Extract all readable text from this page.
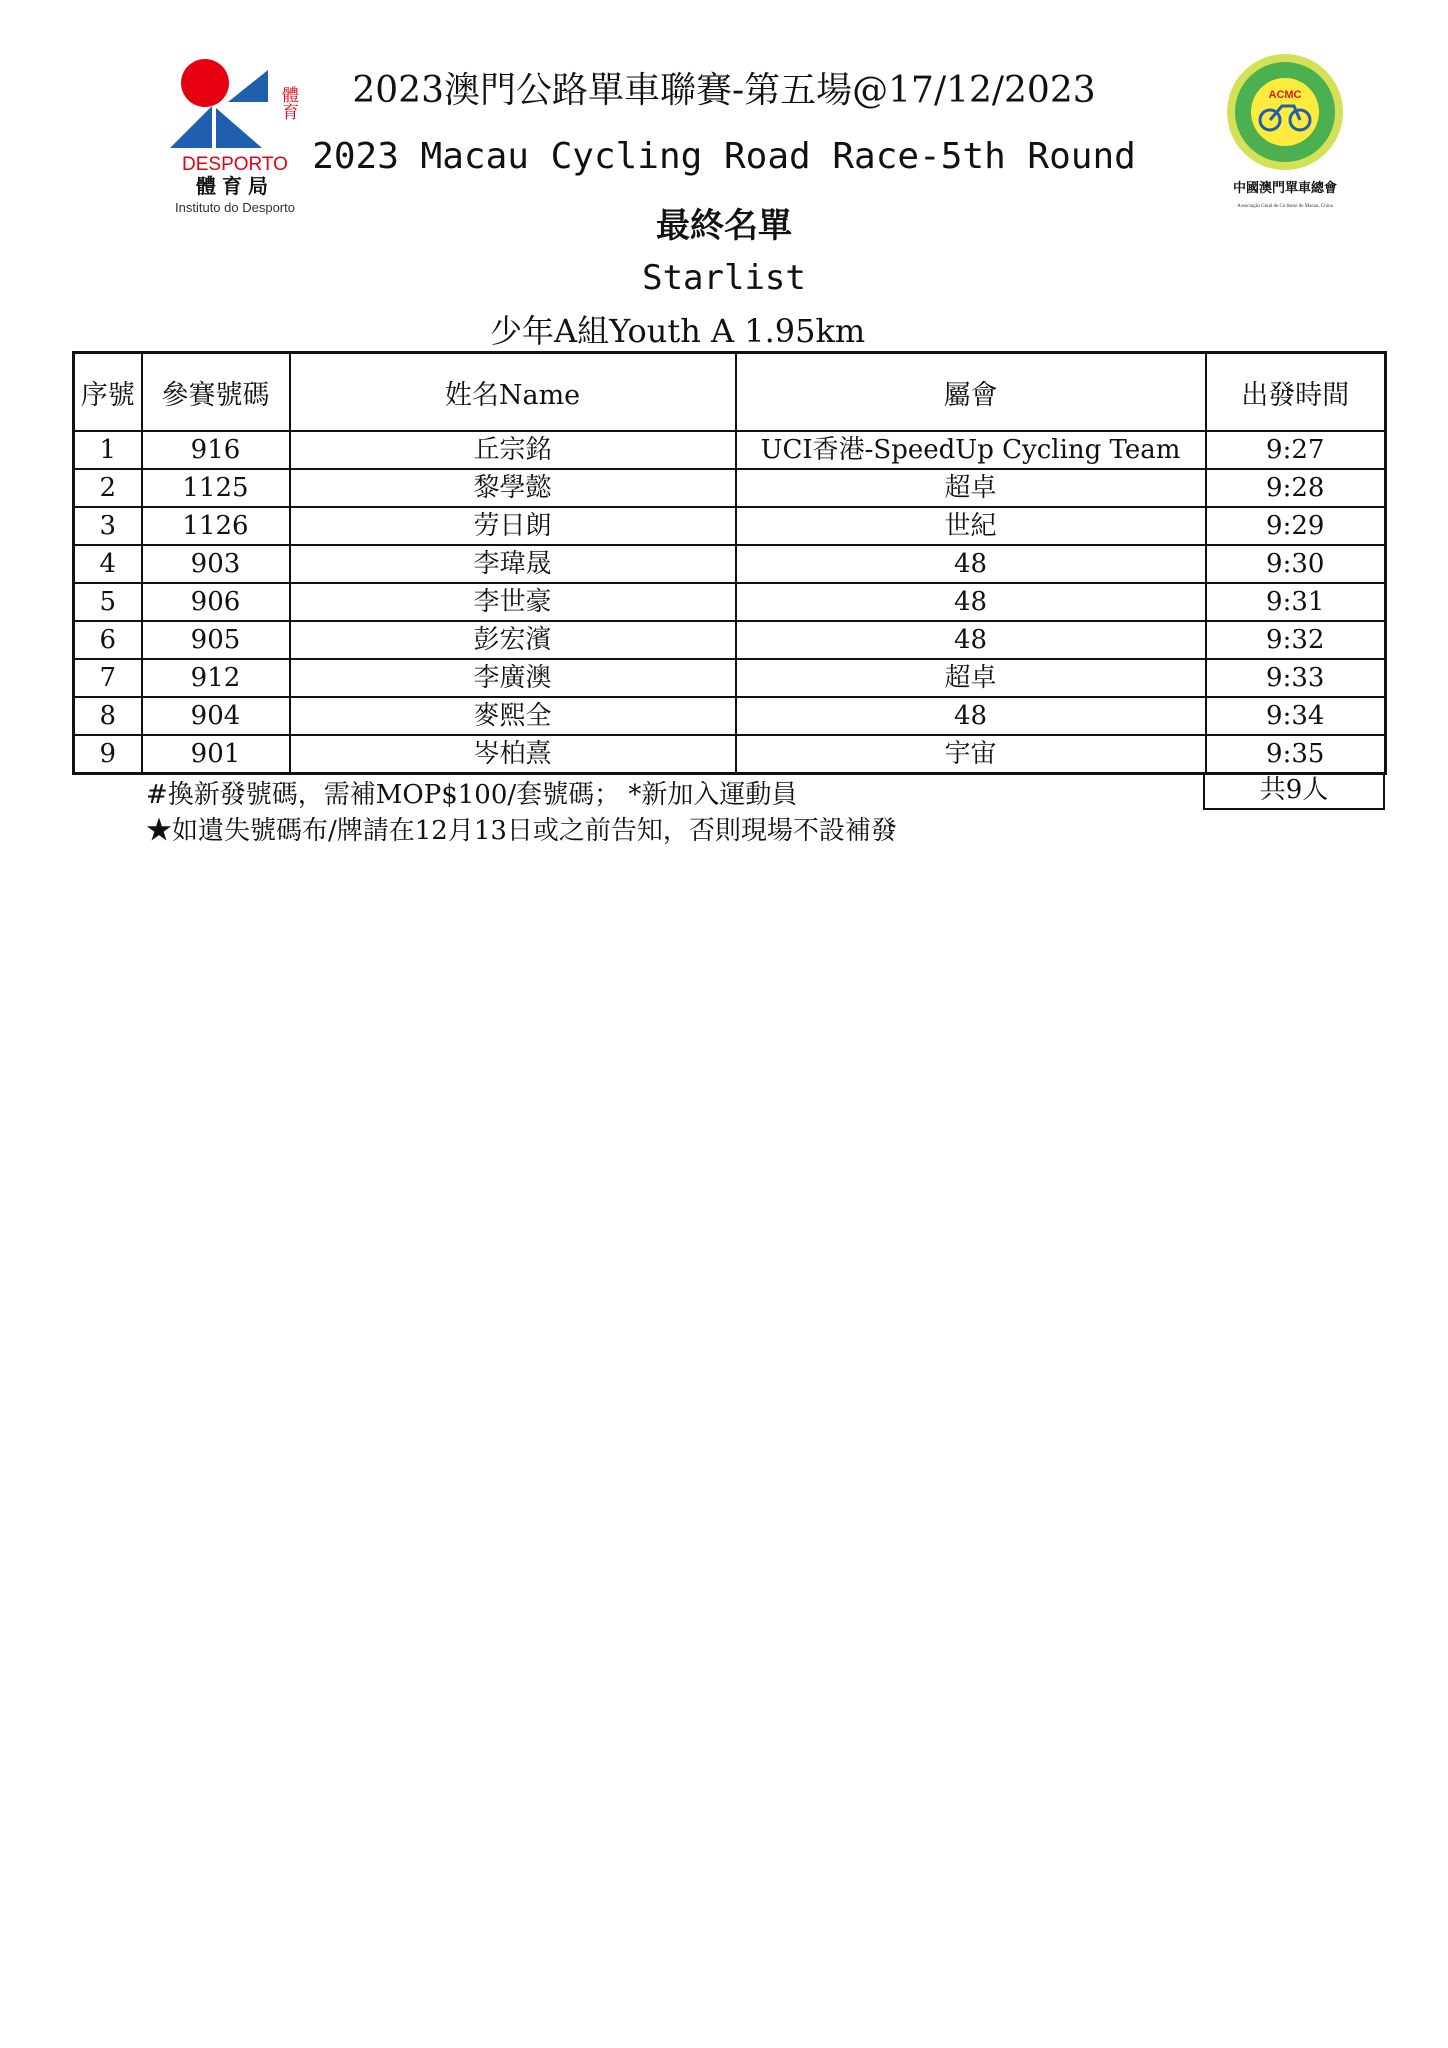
體育
DESPORTO
體育局
Instituto do Desporto
ACMC
中國澳門單車總會
Associação Geral de Ciclismo de Macau, China
2023澳門公路單車聯賽-第五場@17/12/2023
2023 Macau Cycling Road Race-5th Round
最終名單
Starlist
少年A組Youth A 1.95km
序號	參賽號碼	姓名Name	屬會	出發時間
1	916	丘宗銘	UCI香港-SpeedUp Cycling Team	9:27
2	1125	黎學懿	超卓	9:28
3	1126	劳日朗	世紀	9:29
4	903	李瑋晟	48	9:30
5	906	李世豪	48	9:31
6	905	彭宏濱	48	9:32
7	912	李廣澳	超卓	9:33
8	904	麥熙全	48	9:34
9	901	岑柏熹	宇宙	9:35
共9人
#換新發號碼，需補MOP$100/套號碼； *新加入運動員
★如遺失號碼布/牌請在12月13日或之前告知，否則現場不設補發
